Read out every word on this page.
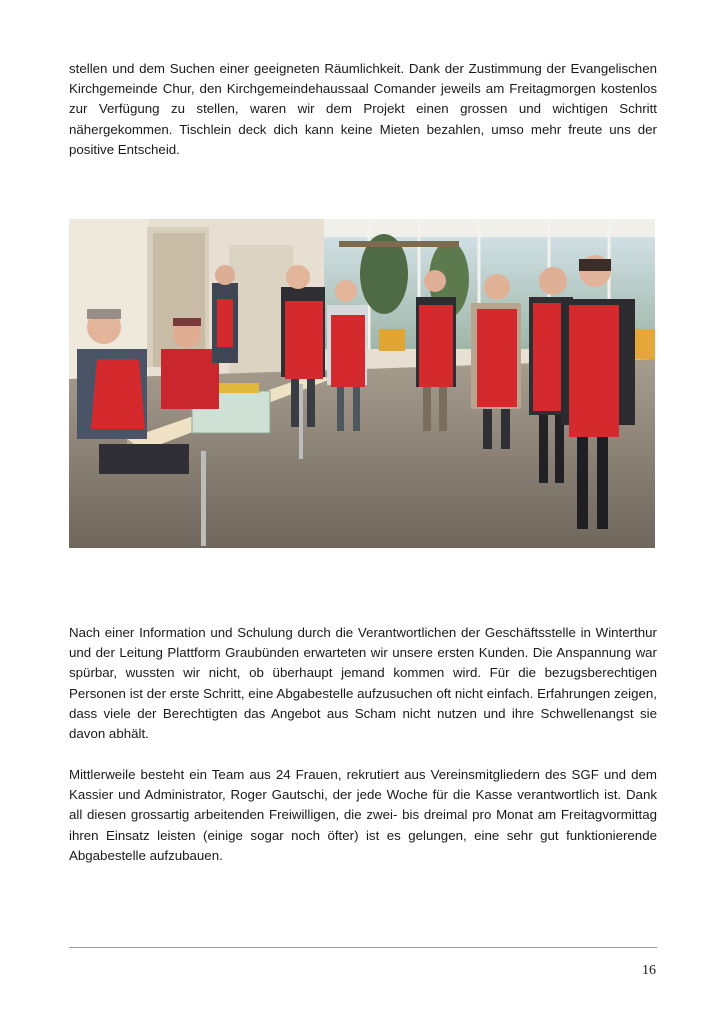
stellen und dem Suchen einer geeigneten Räumlichkeit. Dank der Zustimmung der Evangelischen Kirchgemeinde Chur, den Kirchgemeindehaussaal Comander jeweils am Freitagmorgen kostenlos zur Verfügung zu stellen, waren wir dem Projekt einen grossen und wichtigen Schritt nähergekommen. Tischlein deck dich kann keine Mieten bezahlen, umso mehr freute uns der positive Entscheid.

Nach einer Information und Schulung durch die Verantwortlichen der Geschäftsstelle in Winterthur und der Leitung Plattform Graubünden erwarteten wir unsere ersten Kunden. Die Anspannung war spürbar, wussten wir nicht, ob überhaupt jemand kommen wird. Für die bezugsberechtigen Personen ist der erste Schritt, eine Abgabestelle aufzusuchen oft nicht einfach. Erfahrungen zeigen, dass viele der Berechtigten das Angebot aus Scham nicht nutzen und ihre Schwellenangst sie davon abhält.

Mittlerweile besteht ein Team aus 24 Frauen, rekrutiert aus Vereinsmitgliedern des SGF und dem Kassier und Administrator, Roger Gautschi, der jede Woche für die Kasse verantwortlich ist. Dank all diesen grossartig arbeitenden Freiwilligen, die zwei- bis dreimal pro Monat am Freitagvormittag ihren Einsatz leisten (einige sogar noch öfter) ist es gelungen, eine sehr gut funktionierende Abgabestelle aufzubauen.

16
